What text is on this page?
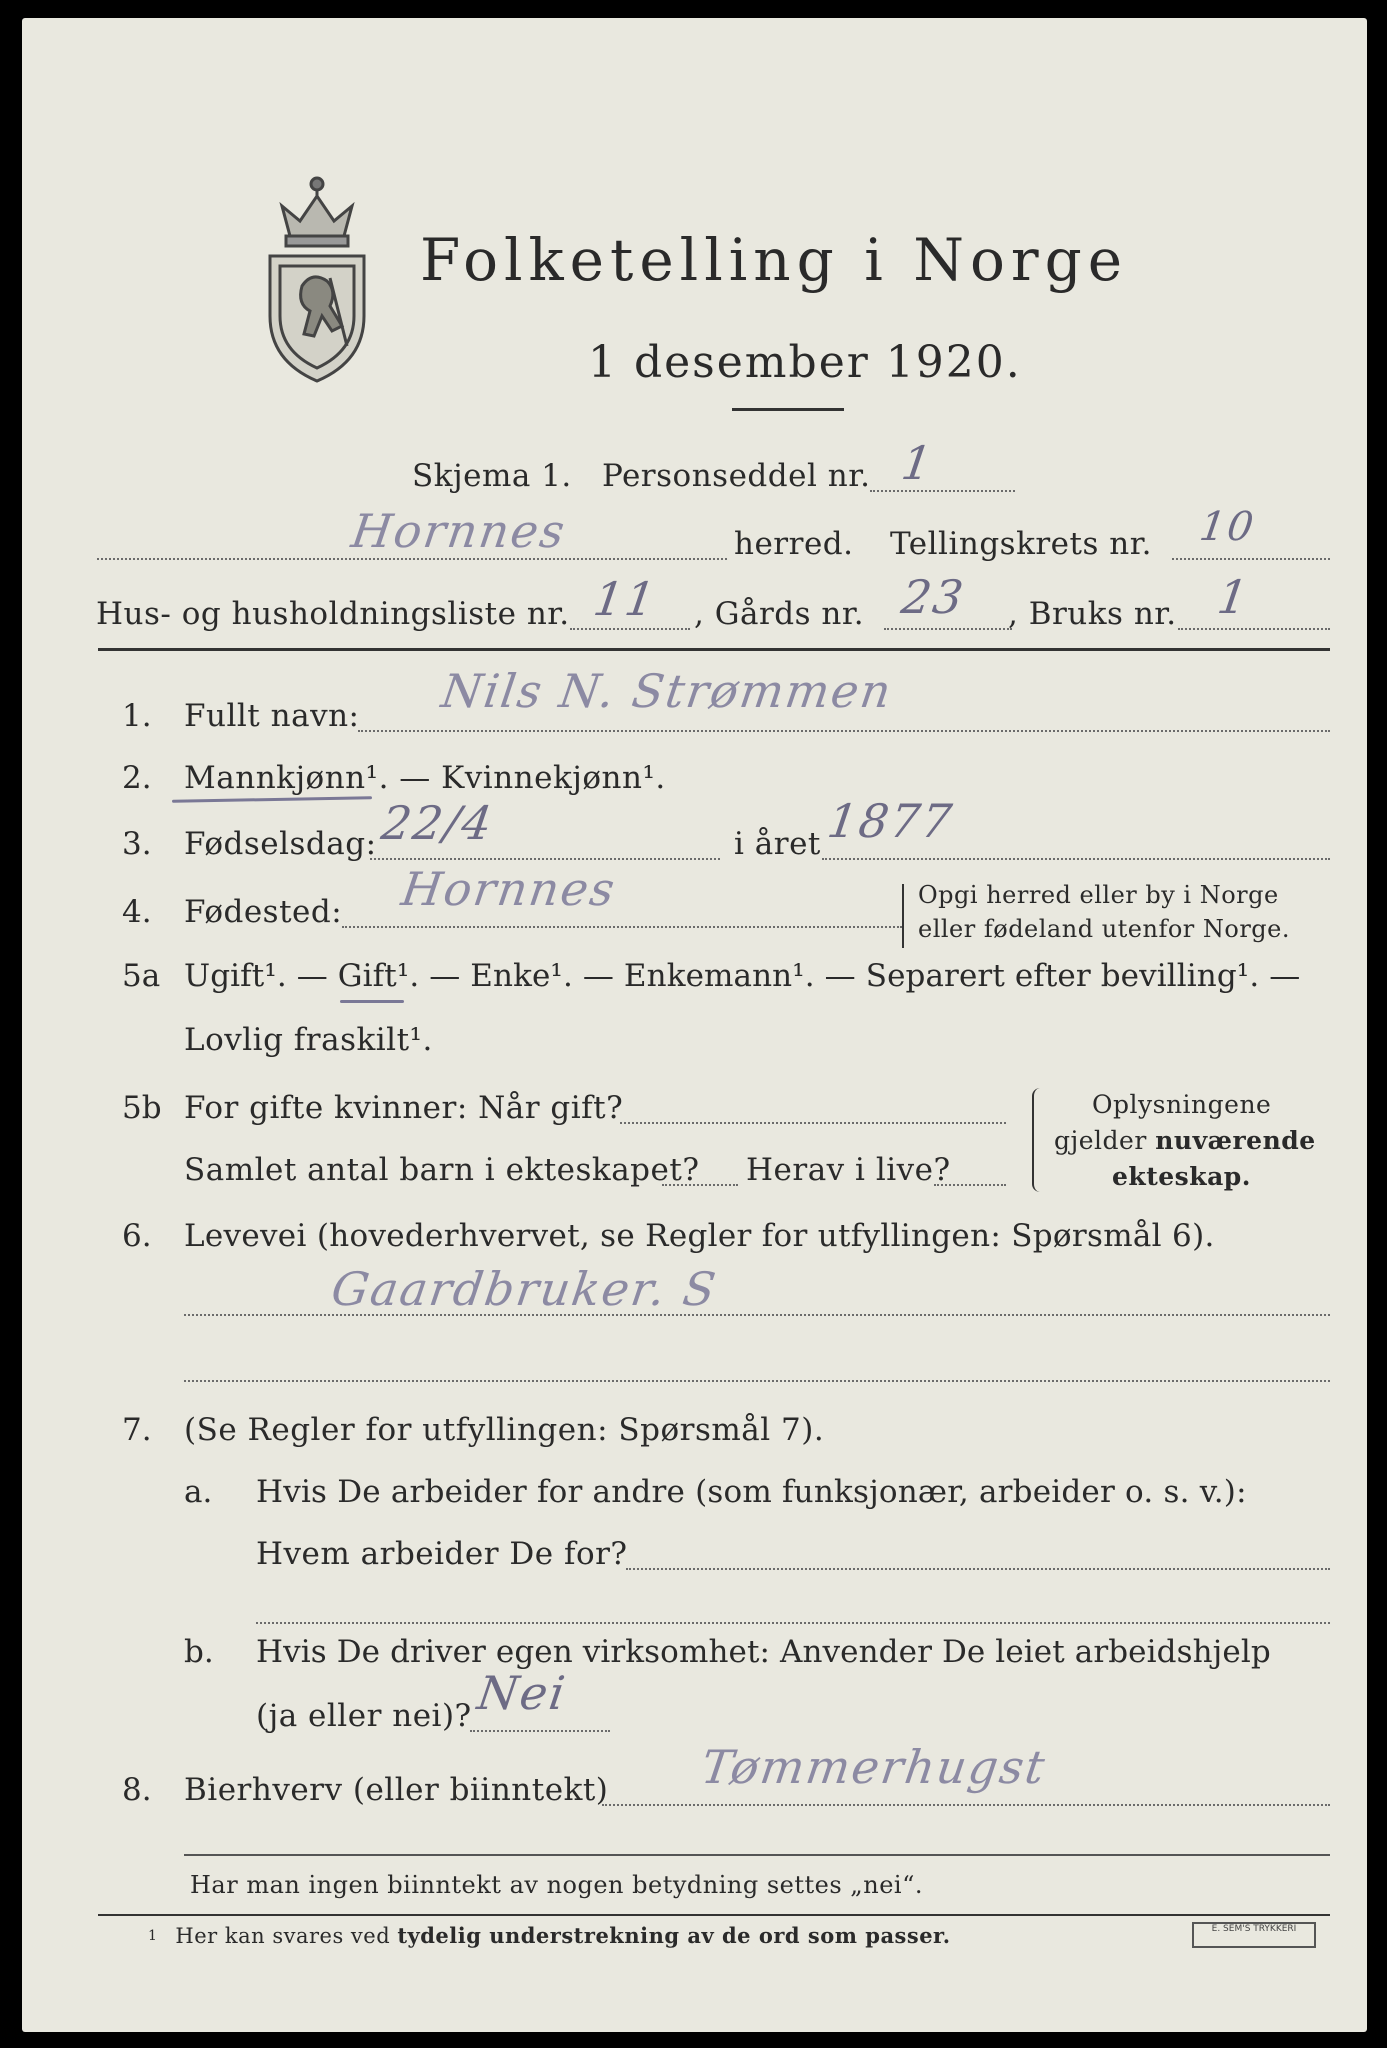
Folketelling i Norge
1 desember 1920.
Skjema 1. Personseddel nr. 1
Hornnes	herred. Tellingskrets nr. 10
Hus- og husholdningsliste nr. 11 , Gårds nr. 23 , Bruks nr. 1
1. Fullt navn: Nils N. Strømmen
2. Mannkjønn¹. — Kvinnekjønn¹.
3. Fødselsdag: 22/4	i året 1877
4. Fødested: Hornnes	Opgi herred eller by i Norge
eller fødeland utenfor Norge.
5a Ugift¹. — Gift¹. — Enke¹. — Enkemann¹. — Separert efter bevilling¹. —
Lovlig fraskilt¹.
5b For gifte kvinner: Når gift?
Samlet antal barn i ekteskapet? Herav i live?
Oplysningene
gjelder nuværende
ekteskap.
6. Levevei (hovederhvervet, se Regler for utfyllingen: Spørsmål 6).
Gaardbruker. S
7. (Se Regler for utfyllingen: Spørsmål 7).
a. Hvis De arbeider for andre (som funksjonær, arbeider o. s. v.):
Hvem arbeider De for?
b. Hvis De driver egen virksomhet: Anvender De leiet arbeidshjelp
(ja eller nei)? Nei
8. Bierhverv (eller biinntekt) Tømmerhugst
Har man ingen biinntekt av nogen betydning settes „nei“.
$^1$ Her kan svares ved tydelig understrekning av de ord som passer.	E. SEM'S TRYKKERI
